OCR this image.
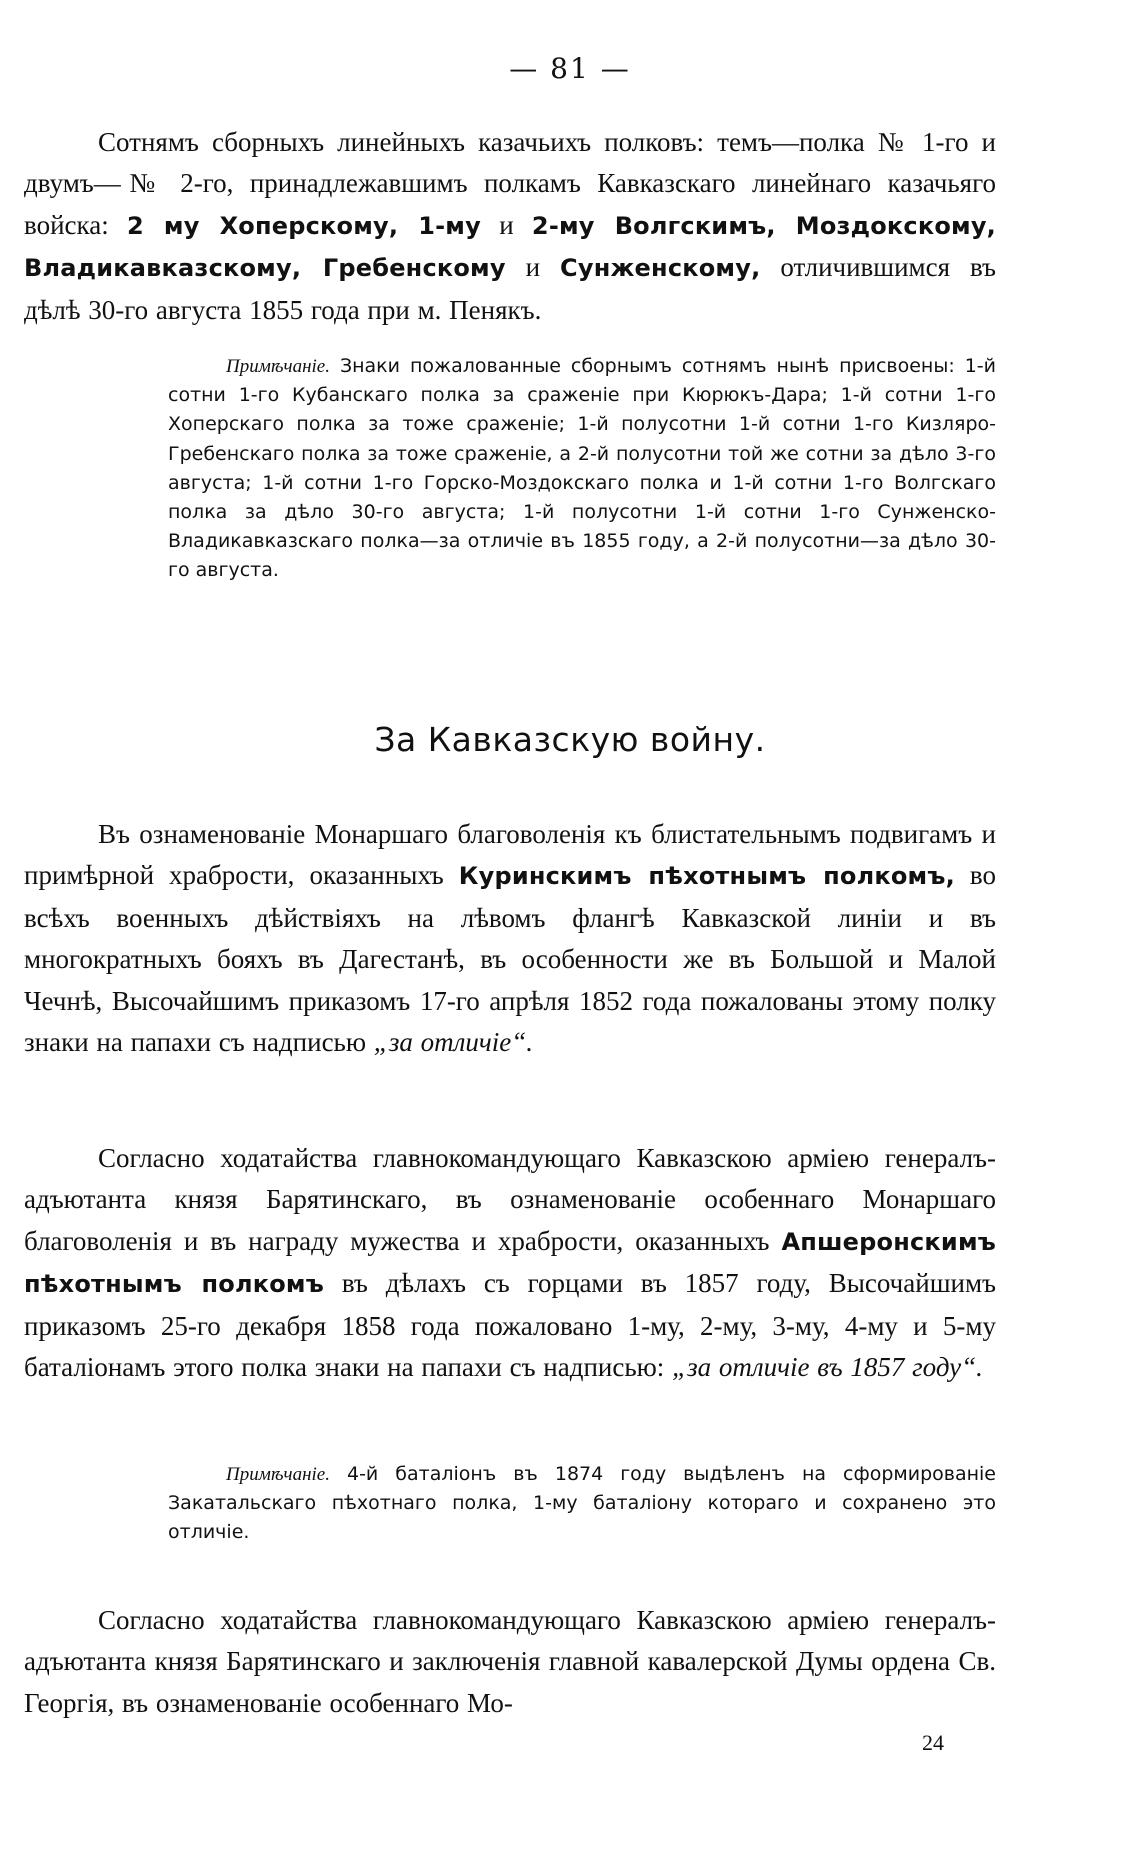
— 81 —
Сотнямъ сборныхъ линейныхъ казачьихъ полковъ: темъ—полка № 1-го и двумъ—№ 2-го, принадлежавшимъ полкамъ Кавказскаго линейнаго казачьяго войска: 2 му Хоперскому, 1-му и 2-му Волгскимъ, Моздокскому, Владикавказскому, Гребенскому и Сунженскому, отличившимся въ дѣлѣ 30-го августа 1855 года при м. Пенякъ.
Примѣчаніе. Знаки пожалованные сборнымъ сотнямъ нынѣ присвоены: 1-й сотни 1-го Кубанскаго полка за сраженіе при Кюрюкъ-Дара; 1-й сотни 1-го Хоперскаго полка за тоже сраженіе; 1-й полусотни 1-й сотни 1-го Кизляро-Гребенскаго полка за тоже сраженіе, а 2-й полусотни той же сотни за дѣло 3-го августа; 1-й сотни 1-го Горско-Моздокскаго полка и 1-й сотни 1-го Волгскаго полка за дѣло 30-го августа; 1-й полусотни 1-й сотни 1-го Сунженско-Владикавказскаго полка—за отличіе въ 1855 году, а 2-й полусотни—за дѣло 30-го августа.
За Кавказскую войну.
Въ ознаменованіе Монаршаго благоволенія къ блистательнымъ подвигамъ и примѣрной храбрости, оказанныхъ Куринскимъ пѣхотнымъ полкомъ, во всѣхъ военныхъ дѣйствіяхъ на лѣвомъ флангѣ Кавказской линіи и въ многократныхъ бояхъ въ Дагестанѣ, въ особенности же въ Большой и Малой Чечнѣ, Высочайшимъ приказомъ 17-го апрѣля 1852 года пожалованы этому полку знаки на папахи съ надписью „за отличіе“.
Согласно ходатайства главнокомандующаго Кавказскою арміею генералъ-адъютанта князя Барятинскаго, въ ознаменованіе особеннаго Монаршаго благоволенія и въ награду мужества и храбрости, оказанныхъ Апшеронскимъ пѣхотнымъ полкомъ въ дѣлахъ съ горцами въ 1857 году, Высочайшимъ приказомъ 25-го декабря 1858 года пожаловано 1-му, 2-му, 3-му, 4-му и 5-му баталіонамъ этого полка знаки на папахи съ надписью: „за отличіе въ 1857 году“.
Примѣчаніе. 4-й баталіонъ въ 1874 году выдѣленъ на сформированіе Закатальскаго пѣхотнаго полка, 1-му баталіону котораго и сохранено это отличіе.
Согласно ходатайства главнокомандующаго Кавказскою арміею генералъ-адъютанта князя Барятинскаго и заключенія главной кавалерской Думы ордена Св. Георгія, въ ознаменованіе особеннаго Мо-
24
